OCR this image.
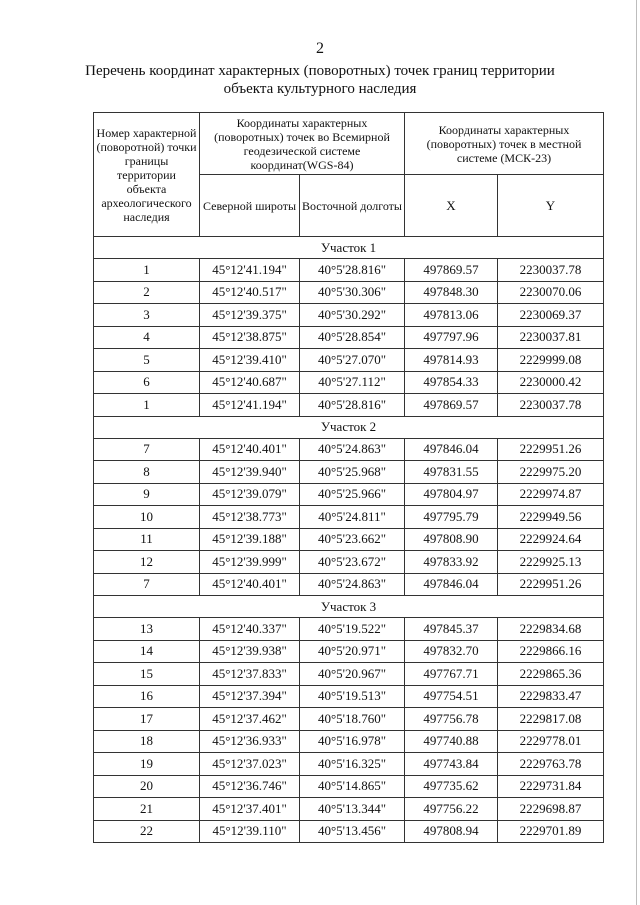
2
Перечень координат характерных (поворотных) точек границ территории
объекта культурного наследия
Номер характерной (поворотной) точки границы территории объекта археологического наследия	Координаты характерных (поворотных) точек во Всемирной геодезической системе координат(WGS-84)		Координаты характерных (поворотных) точек в местной системе (МСК-23)	
	Северной широты	Восточной долготы	X	Y
Участок 1				
1	45°12'41.194"	40°5'28.816"	497869.57	2230037.78
2	45°12'40.517"	40°5'30.306"	497848.30	2230070.06
3	45°12'39.375"	40°5'30.292"	497813.06	2230069.37
4	45°12'38.875"	40°5'28.854"	497797.96	2230037.81
5	45°12'39.410"	40°5'27.070"	497814.93	2229999.08
6	45°12'40.687"	40°5'27.112"	497854.33	2230000.42
1	45°12'41.194"	40°5'28.816"	497869.57	2230037.78
Участок 2				
7	45°12'40.401"	40°5'24.863"	497846.04	2229951.26
8	45°12'39.940"	40°5'25.968"	497831.55	2229975.20
9	45°12'39.079"	40°5'25.966"	497804.97	2229974.87
10	45°12'38.773"	40°5'24.811"	497795.79	2229949.56
11	45°12'39.188"	40°5'23.662"	497808.90	2229924.64
12	45°12'39.999"	40°5'23.672"	497833.92	2229925.13
7	45°12'40.401"	40°5'24.863"	497846.04	2229951.26
Участок 3				
13	45°12'40.337"	40°5'19.522"	497845.37	2229834.68
14	45°12'39.938"	40°5'20.971"	497832.70	2229866.16
15	45°12'37.833"	40°5'20.967"	497767.71	2229865.36
16	45°12'37.394"	40°5'19.513"	497754.51	2229833.47
17	45°12'37.462"	40°5'18.760"	497756.78	2229817.08
18	45°12'36.933"	40°5'16.978"	497740.88	2229778.01
19	45°12'37.023"	40°5'16.325"	497743.84	2229763.78
20	45°12'36.746"	40°5'14.865"	497735.62	2229731.84
21	45°12'37.401"	40°5'13.344"	497756.22	2229698.87
22	45°12'39.110"	40°5'13.456"	497808.94	2229701.89
